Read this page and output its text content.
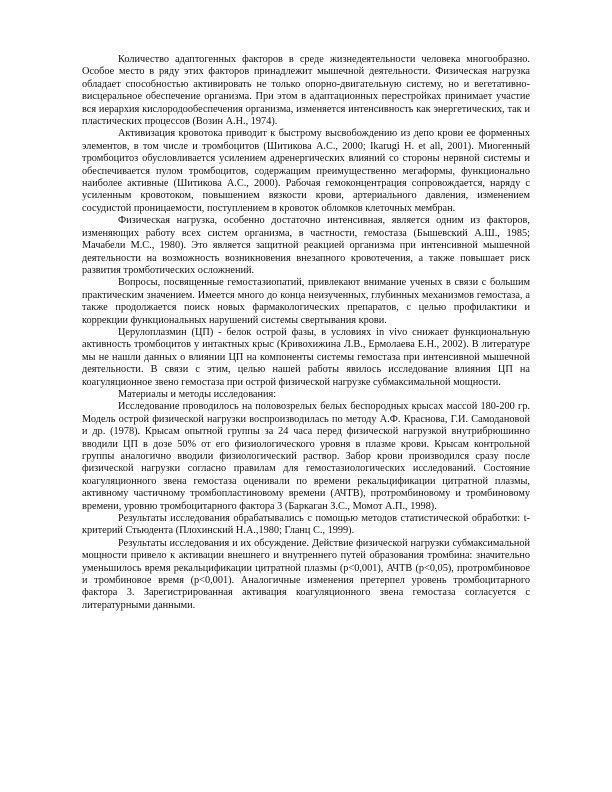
Количество адаптогенных факторов в среде жизнедеятельности человека многообразно. Особое место в ряду этих факторов принадлежит мышечной деятельности. Физическая нагрузка обладает способностью активировать не только опорно-двигательную систему, но и вегетативно-висцеральное обеспечение организма. При этом в адаптационных перестройках принимает участие вся иерархия кислородообеспечения организма, изменяется интенсивность как энергетических, так и пластических процессов (Возин А.Н., 1974).

Активизация кровотока приводит к быстрому высвобождению из депо крови ее форменных элементов, в том числе и тромбоцитов (Шитикова А.С., 2000; Ikarugi H. et all, 2001). Миогенный тромбоцитоз обусловливается усилением адренергических влияний со стороны нервной системы и обеспечивается пулом тромбоцитов, содержащим преимущественно мегаформы, функционально наиболее активные (Шитикова А.С., 2000). Рабочая гемоконцентрация сопровождается, наряду с усиленным кровотоком, повышением вязкости крови, артериального давления, изменением сосудистой проницаемости, поступлением в кровоток обломков клеточных мембран.

Физическая нагрузка, особенно достаточно интенсивная, является одним из факторов, изменяющих работу всех систем организма, в частности, гемостаза (Бышевский А.Ш., 1985; Мачабели М.С., 1980). Это является защитной реакцией организма при интенсивной мышечной деятельности на возможность возникновения внезапного кровотечения, а также повышает риск развития тромботических осложнений.

Вопросы, посвященные гемостазиопатий, привлекают внимание ученых в связи с большим практическим значением. Имеется много до конца неизученных, глубинных механизмов гемостаза, а также продолжается поиск новых фармакологических препаратов, с целью профилактики и коррекции функциональных нарушений системы свертывания крови.

Церулоплазмин (ЦП) - белок острой фазы, в условиях in vivo снижает функциональную активность тромбоцитов у интактных крыс (Кривохижина Л.В., Ермолаева Е.Н., 2002). В литературе мы не нашли данных о влиянии ЦП на компоненты системы гемостаза при интенсивной мышечной деятельности. В связи с этим, целью нашей работы явилось исследование влияния ЦП на коагуляционное звено гемостаза при острой физической нагрузке субмаксимальной мощности.

Материалы и методы исследования:

Исследование проводилось на половозрелых белых беспородных крысах массой 180-200 гр. Модель острой физической нагрузки воспроизводилась по методу А.Ф. Краснова, Г.И. Самодановой и др. (1978). Крысам опытной группы за 24 часа перед физической нагрузкой внутрибрюшинно вводили ЦП в дозе 50% от его физиологического уровня в плазме крови. Крысам контрольной группы аналогично вводили физиологический раствор. Забор крови производился сразу после физической нагрузки согласно правилам для гемостазиологических исследований. Состояние коагуляционного звена гемостаза оценивали по времени рекальцификации цитратной плазмы, активному частичному тромбопластиновому времени (АЧТВ), протромбиновому и тромбиновому времени, уровню тромбоцитарного фактора 3 (Баркаган З.С., Момот А.П., 1998).

Результаты исследования обрабатывались с помощью методов статистической обработки: t-критерий Стьюдента (Плохинский Н.А.,1980; Гланц С., 1999).

Результаты исследования и их обсуждение. Действие физической нагрузки субмаксимальной мощности привело к активации внешнего и внутреннего путей образования тромбина: значительно уменьшилось время рекальцификации цитратной плазмы (p<0,001), АЧТВ (p<0,05), протромбиновое и тромбиновое время (p<0,001). Аналогичные изменения претерпел уровень тромбоцитарного фактора 3. Зарегистрированная активация коагуляционного звена гемостаза согласуется с литературными данными.
